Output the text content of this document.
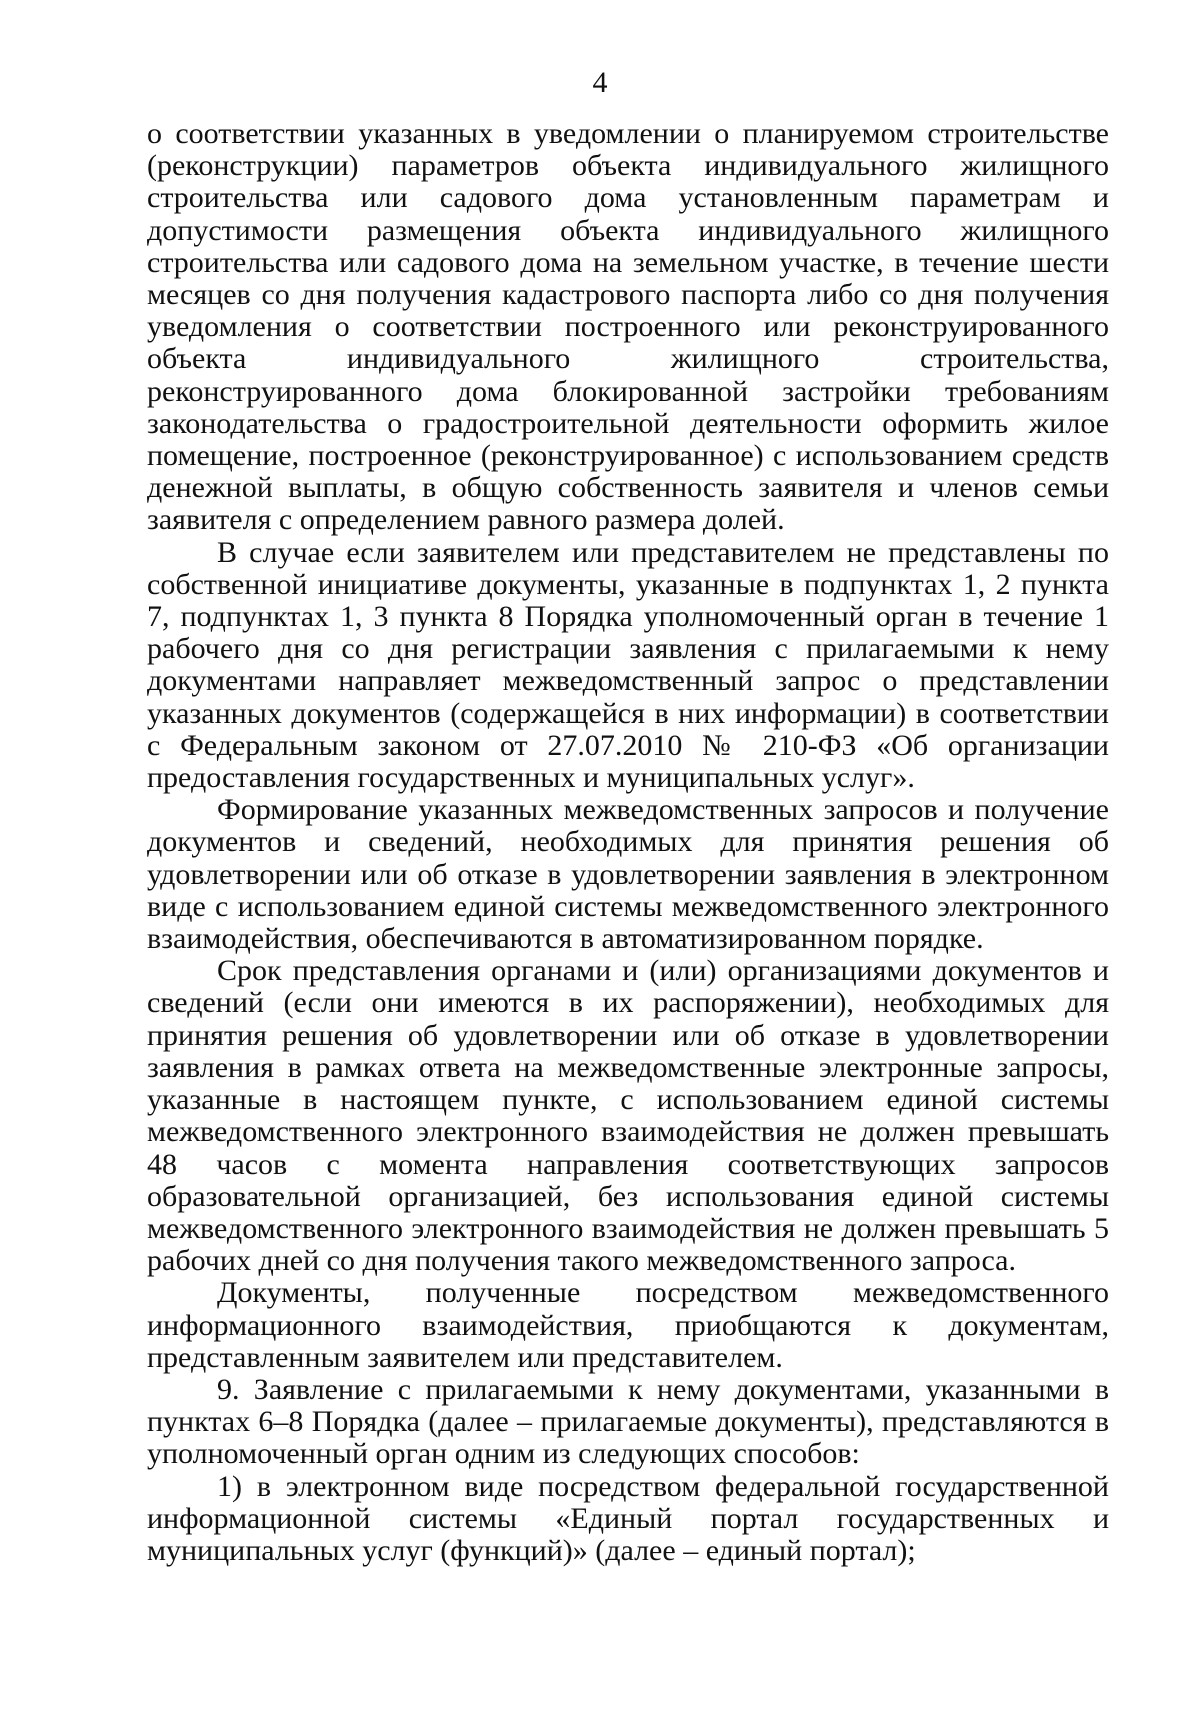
4

о соответствии указанных в уведомлении о планируемом строительстве (реконструкции) параметров объекта индивидуального жилищного строительства или садового дома установленным параметрам и допустимости размещения объекта индивидуального жилищного строительства или садового дома на земельном участке, в течение шести месяцев со дня получения кадастрового паспорта либо со дня получения уведомления о соответствии построенного или реконструированного объекта индивидуального жилищного строительства, реконструированного дома блокированной застройки требованиям законодательства о градостроительной деятельности оформить жилое помещение, построенное (реконструированное) с использованием средств денежной выплаты, в общую собственность заявителя и членов семьи заявителя с определением равного размера долей.

В случае если заявителем или представителем не представлены по собственной инициативе документы, указанные в подпунктах 1, 2 пункта 7, подпунктах 1, 3 пункта 8 Порядка уполномоченный орган в течение 1 рабочего дня со дня регистрации заявления с прилагаемыми к нему документами направляет межведомственный запрос о представлении указанных документов (содержащейся в них информации) в соответствии с Федеральным законом от 27.07.2010 № 210-ФЗ «Об организации предоставления государственных и муниципальных услуг».

Формирование указанных межведомственных запросов и получение документов и сведений, необходимых для принятия решения об удовлетворении или об отказе в удовлетворении заявления в электронном виде с использованием единой системы межведомственного электронного взаимодействия, обеспечиваются в автоматизированном порядке.

Срок представления органами и (или) организациями документов и сведений (если они имеются в их распоряжении), необходимых для принятия решения об удовлетворении или об отказе в удовлетворении заявления в рамках ответа на межведомственные электронные запросы, указанные в настоящем пункте, с использованием единой системы межведомственного электронного взаимодействия не должен превышать 48 часов с момента направления соответствующих запросов образовательной организацией, без использования единой системы межведомственного электронного взаимодействия не должен превышать 5 рабочих дней со дня получения такого межведомственного запроса.

Документы, полученные посредством межведомственного информационного взаимодействия, приобщаются к документам, представленным заявителем или представителем.

9. Заявление с прилагаемыми к нему документами, указанными в пунктах 6–8 Порядка (далее – прилагаемые документы), представляются в уполномоченный орган одним из следующих способов:

1) в электронном виде посредством федеральной государственной информационной системы «Единый портал государственных и муниципальных услуг (функций)» (далее – единый портал);
